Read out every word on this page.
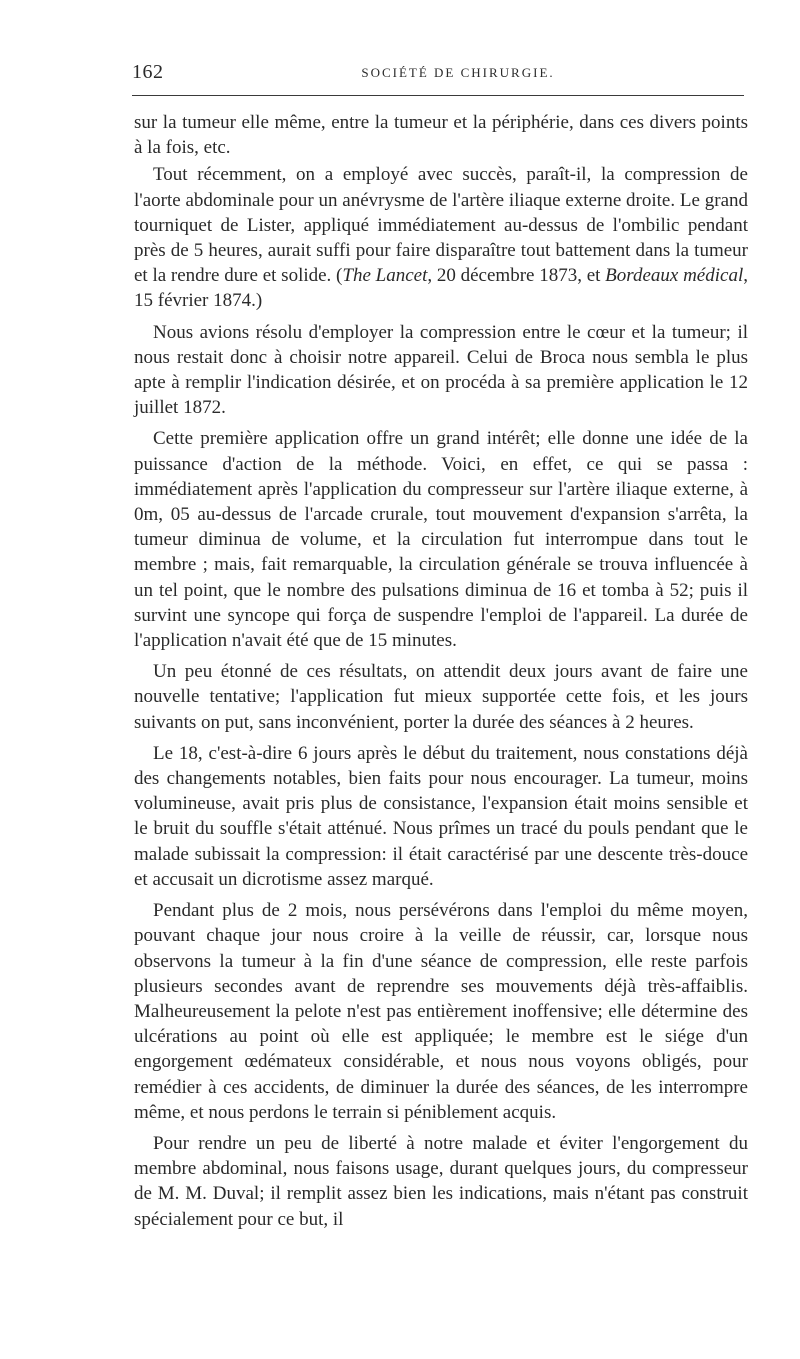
162	SOCIÉTÉ DE CHIRURGIE.

sur la tumeur elle même, entre la tumeur et la périphérie, dans ces divers points à la fois, etc.

Tout récemment, on a employé avec succès, paraît-il, la compression de l'aorte abdominale pour un anévrysme de l'artère iliaque externe droite. Le grand tourniquet de Lister, appliqué immédiatement au-dessus de l'ombilic pendant près de 5 heures, aurait suffi pour faire disparaître tout battement dans la tumeur et la rendre dure et solide. (The Lancet, 20 décembre 1873, et Bordeaux médical, 15 février 1874.)

Nous avions résolu d'employer la compression entre le cœur et la tumeur; il nous restait donc à choisir notre appareil. Celui de Broca nous sembla le plus apte à remplir l'indication désirée, et on procéda à sa première application le 12 juillet 1872.

Cette première application offre un grand intérêt; elle donne une idée de la puissance d'action de la méthode. Voici, en effet, ce qui se passa : immédiatement après l'application du compresseur sur l'artère iliaque externe, à 0m, 05 au-dessus de l'arcade crurale, tout mouvement d'expansion s'arrêta, la tumeur diminua de volume, et la circulation fut interrompue dans tout le membre ; mais, fait remarquable, la circulation générale se trouva influencée à un tel point, que le nombre des pulsations diminua de 16 et tomba à 52; puis il survint une syncope qui força de suspendre l'emploi de l'appareil. La durée de l'application n'avait été que de 15 minutes.

Un peu étonné de ces résultats, on attendit deux jours avant de faire une nouvelle tentative; l'application fut mieux supportée cette fois, et les jours suivants on put, sans inconvénient, porter la durée des séances à 2 heures.

Le 18, c'est-à-dire 6 jours après le début du traitement, nous constations déjà des changements notables, bien faits pour nous encourager. La tumeur, moins volumineuse, avait pris plus de consistance, l'expansion était moins sensible et le bruit du souffle s'était atténué. Nous prîmes un tracé du pouls pendant que le malade subissait la compression: il était caractérisé par une descente très-douce et accusait un dicrotisme assez marqué.

Pendant plus de 2 mois, nous persévérons dans l'emploi du même moyen, pouvant chaque jour nous croire à la veille de réussir, car, lorsque nous observons la tumeur à la fin d'une séance de compression, elle reste parfois plusieurs secondes avant de reprendre ses mouvements déjà très-affaiblis. Malheureusement la pelote n'est pas entièrement inoffensive; elle détermine des ulcérations au point où elle est appliquée; le membre est le siége d'un engorgement œdémateux considérable, et nous nous voyons obligés, pour remédier à ces accidents, de diminuer la durée des séances, de les interrompre même, et nous perdons le terrain si péniblement acquis.

Pour rendre un peu de liberté à notre malade et éviter l'engorgement du membre abdominal, nous faisons usage, durant quelques jours, du compresseur de M. M. Duval; il remplit assez bien les indications, mais n'étant pas construit spécialement pour ce but, il
